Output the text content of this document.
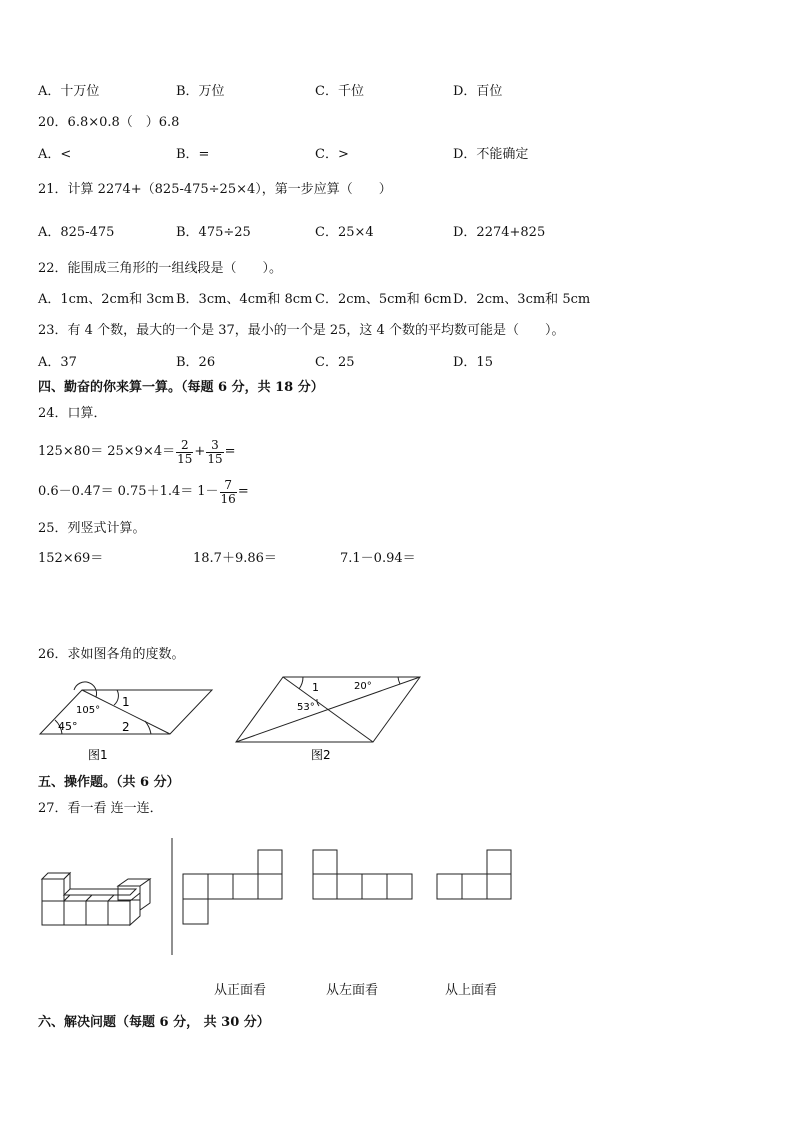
A．十万位	B．万位	C．千位	D．百位
20．6.8×0.8（　）6.8
A．<	B．=	C．>	D．不能确定
21．计算 2274+（825-475÷25×4），第一步应算（　　）
A．825-475	B．475÷25	C．25×4	D．2274+825
22．能围成三角形的一组线段是（　　）。
A．1cm、2cm和 3cm B．3cm、4cm和 8cm C．2cm、5cm和 6cm D．2cm、3cm和 5cm
23．有 4 个数，最大的一个是 37，最小的一个是 25，这 4 个数的平均数可能是（　　）。
A．37	B．26	C．25	D．15
四、勤奋的你来算一算。（每题 6 分，共 18 分）
24．口算．
$125\times 80= 25\times 9\times 4= \frac{2}{15} + \frac{3}{15}$ =
$0.6-0.47= 0.75+1.4= 1- \frac{7}{16}$ =
25．列竖式计算。
152×69＝	18.7＋9.86＝	7.1－0.94＝
26．求如图各角的度数。
105°
45°
1
2
图1
1	20°
53°
图2
五、操作题。（共 6 分）
27．看一看 连一连．
从正面看	从左面看	从上面看
六、解决问题（每题 6 分， 共 30 分）
